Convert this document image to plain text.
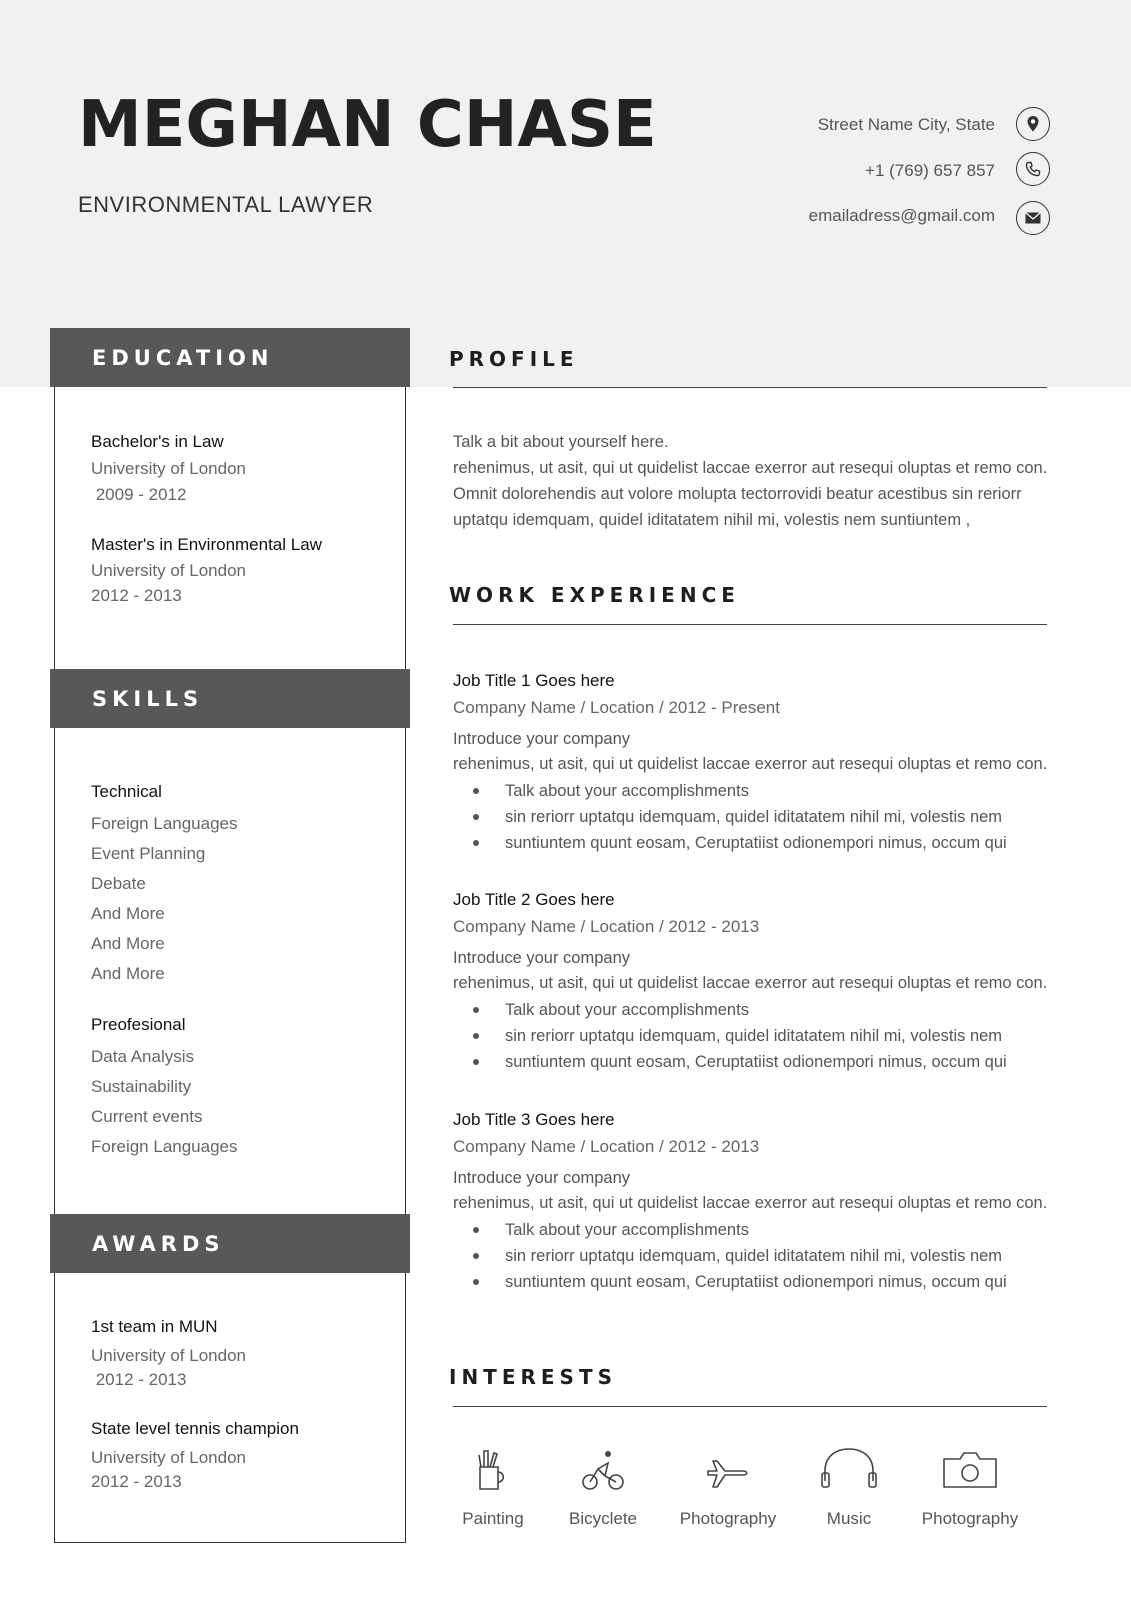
MEGHAN CHASE
ENVIRONMENTAL LAWYER
Street Name City, State
+1 (769) 657 857
emailadress@gmail.com
EDUCATION
Bachelor's in Law
University of London
2009 - 2012
Master's in Environmental Law
University of London
2012 - 2013
SKILLS
Technical
Foreign Languages
Event Planning
Debate
And More
And More
And More
Preofesional
Data Analysis
Sustainability
Current events
Foreign Languages
AWARDS
1st team in MUN
University of London
2012 - 2013
State level tennis champion
University of London
2012 - 2013
PROFILE
Talk a bit about yourself here.
rehenimus, ut asit, qui ut quidelist laccae exerror aut resequi oluptas et remo con.
Omnit dolorehendis aut volore molupta tectorrovidi beatur acestibus sin reriorr
uptatqu idemquam, quidel iditatatem nihil mi, volestis nem suntiuntem ,
WORK EXPERIENCE
Job Title 1 Goes here
Company Name / Location / 2012 - Present
Introduce your company
rehenimus, ut asit, qui ut quidelist laccae exerror aut resequi oluptas et remo con.
Talk about your accomplishments
sin reriorr uptatqu idemquam, quidel iditatatem nihil mi, volestis nem
suntiuntem quunt eosam, Ceruptatiist odionempori nimus, occum qui
Job Title 2 Goes here
Company Name / Location / 2012 - 2013
Introduce your company
rehenimus, ut asit, qui ut quidelist laccae exerror aut resequi oluptas et remo con.
Talk about your accomplishments
sin reriorr uptatqu idemquam, quidel iditatatem nihil mi, volestis nem
suntiuntem quunt eosam, Ceruptatiist odionempori nimus, occum qui
Job Title 3 Goes here
Company Name / Location / 2012 - 2013
Introduce your company
rehenimus, ut asit, qui ut quidelist laccae exerror aut resequi oluptas et remo con.
Talk about your accomplishments
sin reriorr uptatqu idemquam, quidel iditatatem nihil mi, volestis nem
suntiuntem quunt eosam, Ceruptatiist odionempori nimus, occum qui
INTERESTS
Painting	Bicyclete	Photography	Music	Photography
